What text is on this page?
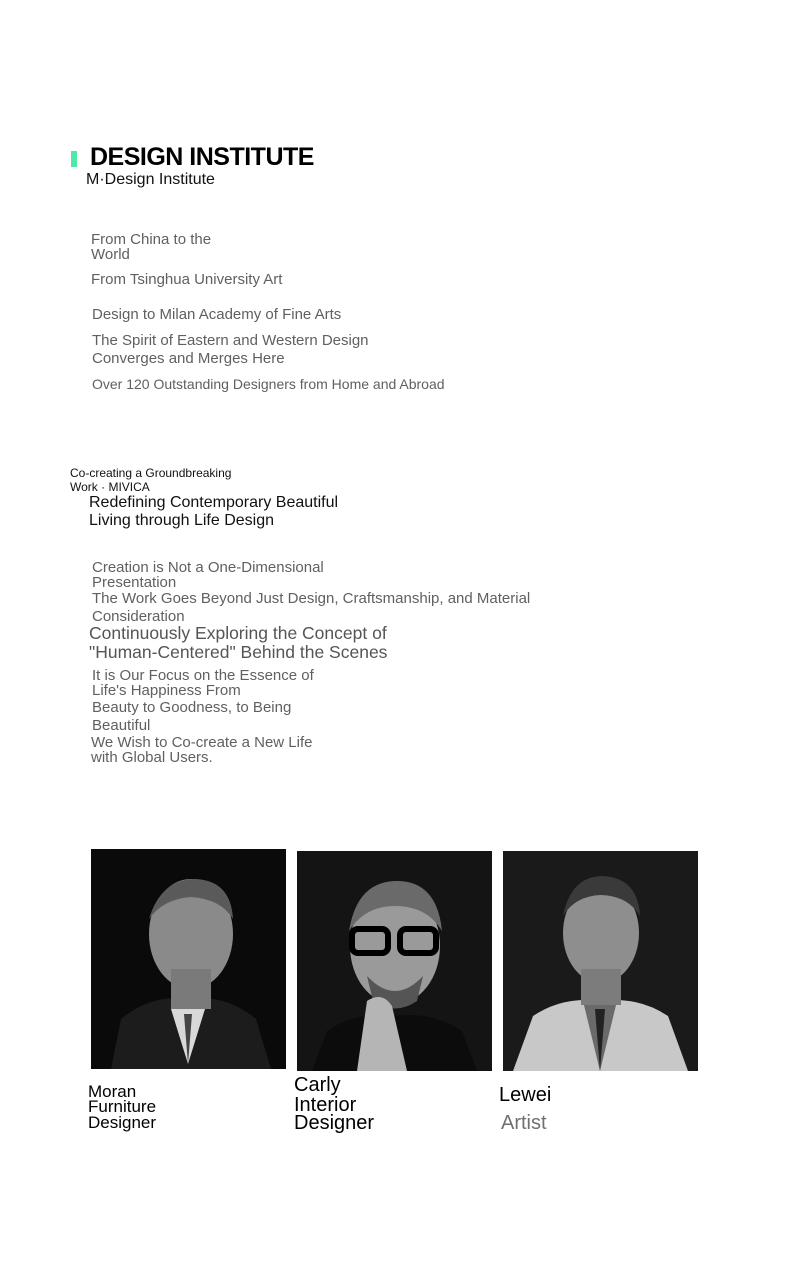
DESIGN INSTITUTE
M·Design Institute
From China to the World
From Tsinghua University Art
Design to Milan Academy of Fine Arts
The Spirit of Eastern and Western Design Converges and Merges Here
Over 120 Outstanding Designers from Home and Abroad
Co-creating a Groundbreaking Work · MIVICA
Redefining Contemporary Beautiful Living through Life Design
Creation is Not a One-Dimensional Presentation
The Work Goes Beyond Just Design, Craftsmanship, and Material Consideration
Continuously Exploring the Concept of "Human-Centered" Behind the Scenes
It is Our Focus on the Essence of Life's Happiness From
Beauty to Goodness, to Being Beautiful
We Wish to Co-create a New Life with Global Users.
Moran
Furniture Designer
Carly
Interior Designer
Lewei
Artist
